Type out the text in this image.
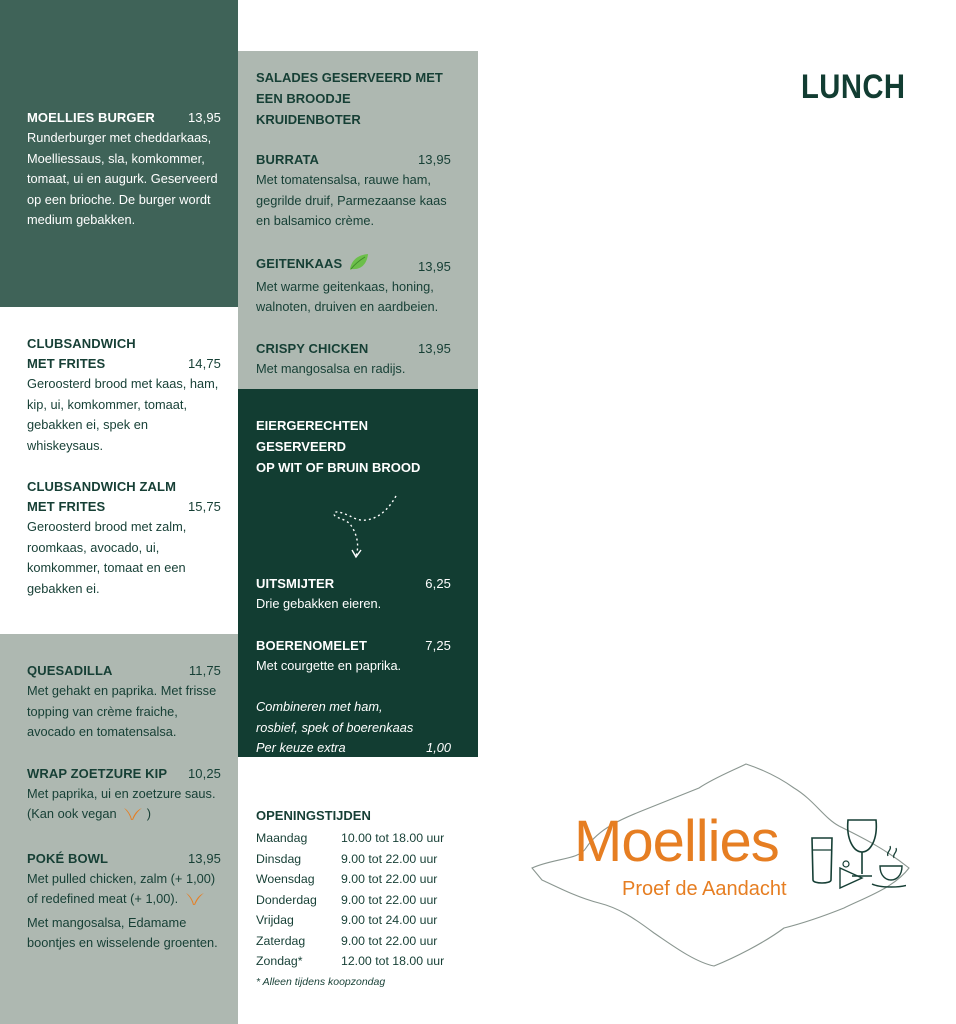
MOELLIES BURGER	13,95
Runderburger met cheddarkaas, Moelliessaus, sla, komkommer, tomaat, ui en augurk. Geserveerd op een brioche. De burger wordt medium gebakken.
CLUBSANDWICH
MET FRITES	14,75
Geroosterd brood met kaas, ham, kip, ui, komkommer, tomaat, gebakken ei, spek en whiskeysaus.
CLUBSANDWICH ZALM
MET FRITES	15,75
Geroosterd brood met zalm, roomkaas, avocado, ui, komkommer, tomaat en een gebakken ei.
QUESADILLA	11,75
Met gehakt en paprika. Met frisse topping van crème fraiche, avocado en tomatensalsa.
WRAP ZOETZURE KIP 10,25
Met paprika, ui en zoetzure saus.
(Kan ook vegan )
POKÉ BOWL	13,95
Met pulled chicken, zalm (+ 1,00)
of redefined meat (+ 1,00).
Met mangosalsa, Edamame boontjes en wisselende groenten.
SALADES GESERVEERD MET
EEN BROODJE KRUIDENBOTER
BURRATA	13,95
Met tomatensalsa, rauwe ham, gegrilde druif, Parmezaanse kaas en balsamico crème.
GEITENKAAS	13,95
Met warme geitenkaas, honing, walnoten, druiven en aardbeien.
CRISPY CHICKEN	13,95
Met mangosalsa en radijs.
EIERGERECHTEN GESERVEERD
OP WIT OF BRUIN BROOD
UITSMIJTER	6,25
Drie gebakken eieren.
BOERENOMELET	7,25
Met courgette en paprika.
Combineren met ham,
rosbief, spek of boerenkaas
Per keuze extra	1,00
OPENINGSTIJDEN
Maandag	10.00 tot 18.00 uur
Dinsdag	9.00 tot 22.00 uur
Woensdag	9.00 tot 22.00 uur
Donderdag	9.00 tot 22.00 uur
Vrijdag	9.00 tot 24.00 uur
Zaterdag	9.00 tot 22.00 uur
Zondag*	12.00 tot 18.00 uur
* Alleen tijdens koopzondag
LUNCH
Moellies
Proef de Aandacht
